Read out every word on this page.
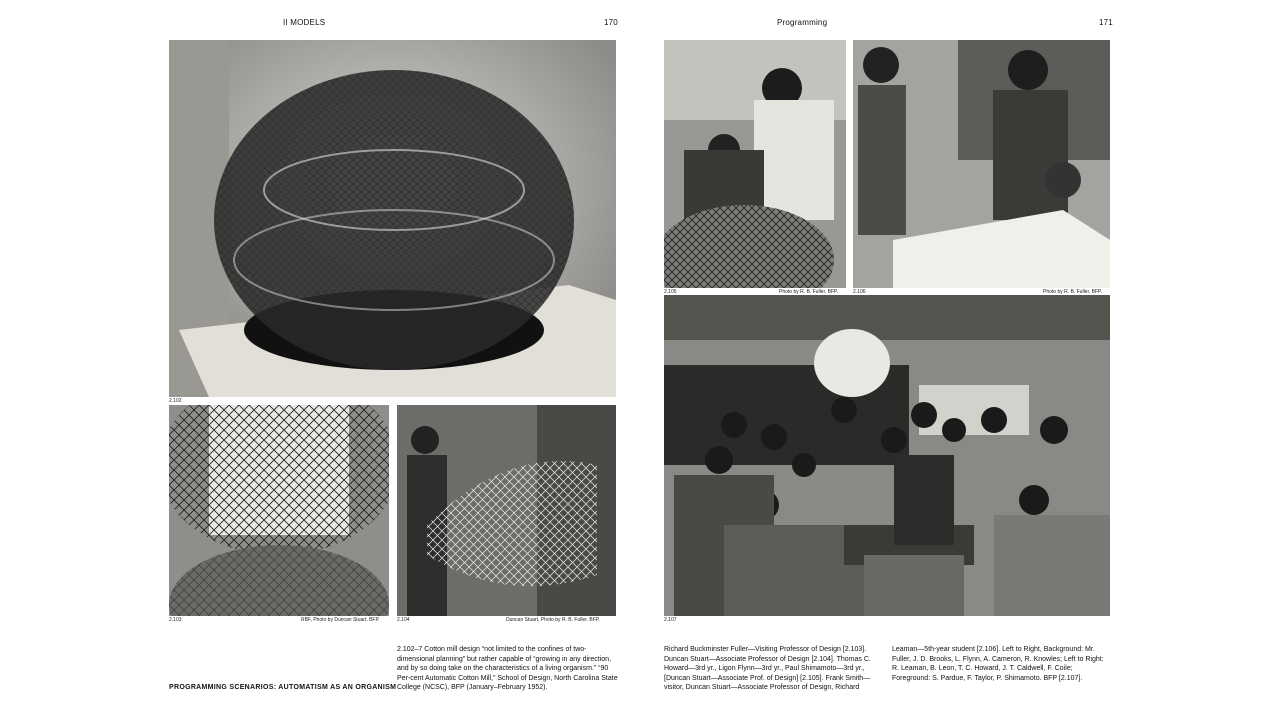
II MODELS	170	Programming	171
2.102
2.103	RBF, Photo by Duncan Stuart. BFP.	2.104	Duncan Stuart, Photo by R. B. Fuller. BFP.
2.105	Photo by R. B. Fuller. BFP.	2.106	Photo by R. B. Fuller. BFP.
2.107
PROGRAMMING SCENARIOS: AUTOMATISM AS AN ORGANISM
2.102–7 Cotton mill design “not limited to the confines of two-dimensional planning” but rather capable of “growing in any direction, and by so doing take on the characteristics of a living organism.” “90 Per-cent Automatic Cotton Mill,” School of Design, North Carolina State College (NCSC), BFP (January–February 1952).
Richard Buckminster Fuller—Visiting Professor of Design [2.103]. Duncan Stuart—Associate Professor of Design [2.104]. Thomas C. Howard—3rd yr., Ligon Flynn—3rd yr., Paul Shimamoto—3rd yr., [Duncan Stuart—Associate Prof. of Design] [2.105]. Frank Smith—visitor, Duncan Stuart—Associate Professor of Design, Richard
Leaman—5th-year student [2.106]. Left to Right, Background: Mr. Fuller, J. D. Brooks, L. Flynn, A. Cameron, R. Knowles; Left to Right: R. Leaman, B. Leon, T. C. Howard, J. T. Caldwell, F. Coile; Foreground: S. Pardue, F. Taylor, P. Shimamoto. BFP [2.107].
